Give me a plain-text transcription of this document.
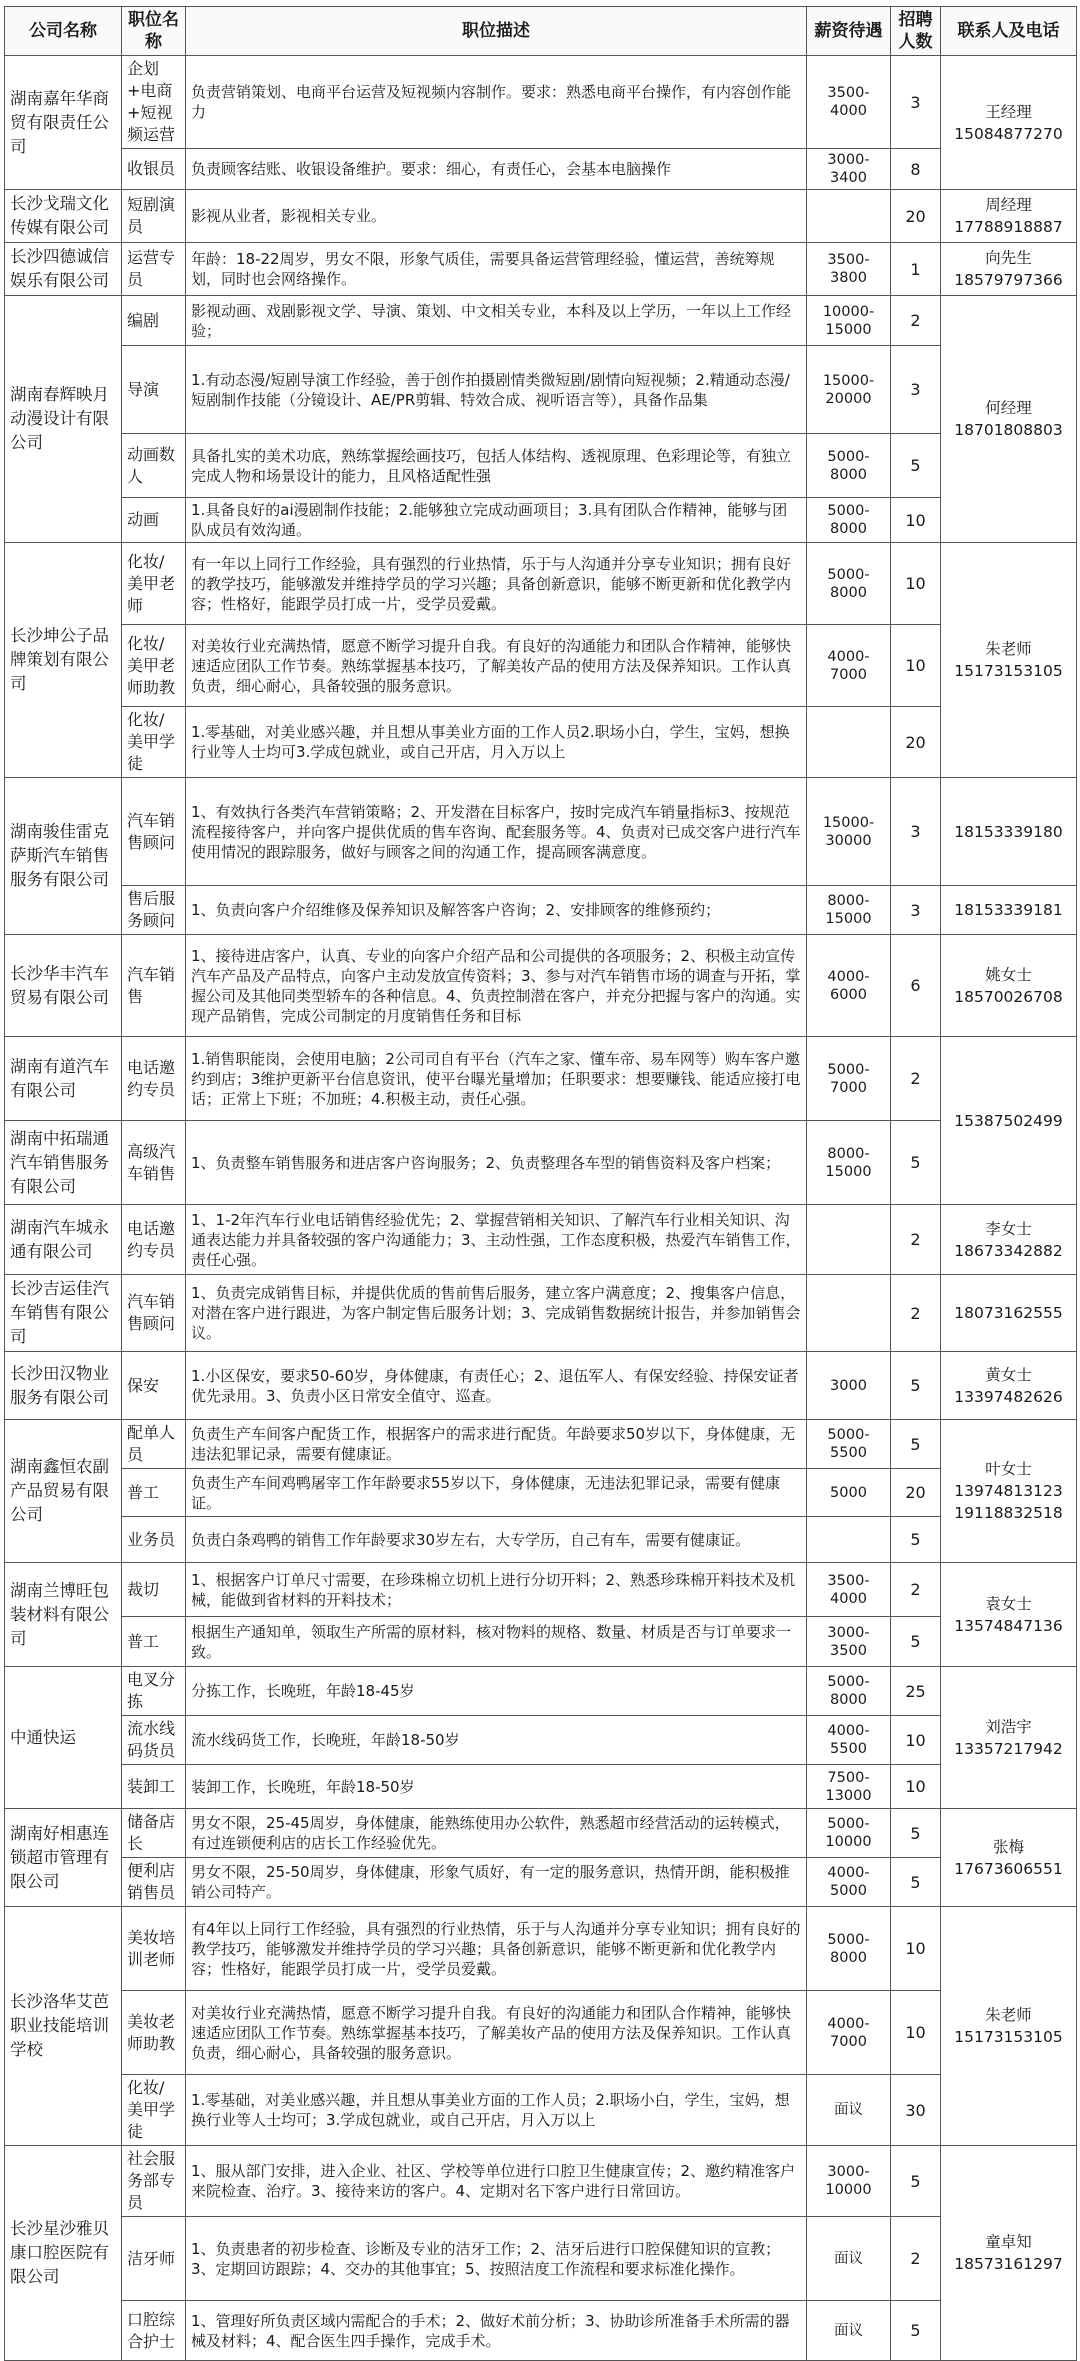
公司名称	职位名称	职位描述	薪资待遇	招聘人数	联系人及电话
湖南嘉年华商贸有限责任公司	企划+电商+短视频运营	负责营销策划、电商平台运营及短视频内容制作。要求：熟悉电商平台操作，有内容创作能力	3500-4000	3	王经理
15084877270

	收银员	负责顾客结账、收银设备维护。要求：细心，有责任心，会基本电脑操作	3000-3400	8	
长沙戈瑞文化传媒有限公司	短剧演员	影视从业者，影视相关专业。		20	周经理
17788918887

长沙四德诚信娱乐有限公司	运营专员	年龄：18-22周岁，男女不限，形象气质佳，需要具备运营管理经验，懂运营，善统筹规划，同时也会网络操作。	3500-3800	1	向先生
18579797366

湖南春辉映月动漫设计有限公司	编剧	影视动画、戏剧影视文学、导演、策划、中文相关专业，本科及以上学历，一年以上工作经验；	10000-15000	2	何经理
18701808803

	导演	1.有动态漫/短剧导演工作经验，善于创作拍摄剧情类微短剧/剧情向短视频；2.精通动态漫/短剧制作技能（分镜设计、AE/PR剪辑、特效合成、视听语言等），具备作品集	15000-20000	3	
	动画数人	具备扎实的美术功底，熟练掌握绘画技巧，包括人体结构、透视原理、色彩理论等，有独立完成人物和场景设计的能力，且风格适配性强	5000-8000	5	
	动画	1.具备良好的ai漫剧制作技能；2.能够独立完成动画项目；3.具有团队合作精神，能够与团队成员有效沟通。	5000-8000	10	
长沙坤公子品牌策划有限公司	化妆/美甲老师	有一年以上同行工作经验，具有强烈的行业热情，乐于与人沟通并分享专业知识；拥有良好的教学技巧，能够激发并维持学员的学习兴趣；具备创新意识，能够不断更新和优化教学内容；性格好，能跟学员打成一片，受学员爱戴。	5000-8000	10	朱老师
15173153105

	化妆/美甲老师助教	对美妆行业充满热情，愿意不断学习提升自我。有良好的沟通能力和团队合作精神，能够快速适应团队工作节奏。熟练掌握基本技巧，了解美妆产品的使用方法及保养知识。工作认真负责，细心耐心，具备较强的服务意识。	4000-7000	10	
	化妆/美甲学徒	1.零基础，对美业感兴趣，并且想从事美业方面的工作人员2.职场小白，学生，宝妈，想换行业等人士均可3.学成包就业，或自己开店，月入万以上		20	
湖南骏佳雷克萨斯汽车销售服务有限公司	汽车销售顾问	1、有效执行各类汽车营销策略；2、开发潜在目标客户，按时完成汽车销量指标3、按规范流程接待客户，并向客户提供优质的售车咨询、配套服务等。4、负责对已成交客户进行汽车使用情况的跟踪服务，做好与顾客之间的沟通工作，提高顾客满意度。	15000-30000	3	18153339180

	售后服务顾问	1、负责向客户介绍维修及保养知识及解答客户咨询；2、安排顾客的维修预约；	8000-15000	3	18153339181

长沙华丰汽车贸易有限公司	汽车销售	1、接待进店客户，认真、专业的向客户介绍产品和公司提供的各项服务；2、积极主动宣传汽车产品及产品特点，向客户主动发放宣传资料；3、参与对汽车销售市场的调查与开拓，掌握公司及其他同类型轿车的各种信息。4、负责控制潜在客户，并充分把握与客户的沟通。实现产品销售，完成公司制定的月度销售任务和目标	4000-6000	6	姚女士
18570026708

湖南有道汽车有限公司	电话邀约专员	1.销售职能岗，会使用电脑；2公司司自有平台（汽车之家、懂车帝、易车网等）购车客户邀约到店；3维护更新平台信息资讯，使平台曝光量增加；任职要求：想要赚钱、能适应接打电话；正常上下班；不加班；4.积极主动，责任心强。	5000-7000	2	15387502499

湖南中拓瑞通汽车销售服务有限公司	高级汽车销售	1、负责整车销售服务和进店客户咨询服务；2、负责整理各车型的销售资料及客户档案；	8000-15000	5	
湖南汽车城永通有限公司	电话邀约专员	1、1-2年汽车行业电话销售经验优先；2、掌握营销相关知识、了解汽车行业相关知识、沟通表达能力并具备较强的客户沟通能力；3、主动性强，工作态度积极，热爱汽车销售工作，责任心强。		2	李女士
18673342882

长沙吉运佳汽车销售有限公司	汽车销售顾问	1、负责完成销售目标，并提供优质的售前售后服务，建立客户满意度；2、搜集客户信息，对潜在客户进行跟进，为客户制定售后服务计划；3、完成销售数据统计报告，并参加销售会议。		2	18073162555

长沙田汉物业服务有限公司	保安	1.小区保安，要求50-60岁，身体健康，有责任心；2、退伍军人、有保安经验、持保安证者优先录用。3、负责小区日常安全值守、巡查。	3000	5	黄女士
13397482626

湖南鑫恒农副产品贸易有限公司	配单人员	负责生产车间客户配货工作，根据客户的需求进行配货。年龄要求50岁以下，身体健康，无违法犯罪记录，需要有健康证。	5000-5500	5	叶女士
13974813123 19118832518

	普工	负责生产车间鸡鸭屠宰工作年龄要求55岁以下，身体健康，无违法犯罪记录，需要有健康证。	5000	20	
	业务员	负责白条鸡鸭的销售工作年龄要求30岁左右，大专学历，自己有车，需要有健康证。		5	
湖南兰博旺包装材料有限公司	裁切	1、根据客户订单尺寸需要，在珍珠棉立切机上进行分切开料；2、熟悉珍珠棉开料技术及机械，能做到省材料的开料技术；	3500-4000	2	袁女士
13574847136

	普工	根据生产通知单，领取生产所需的原材料，核对物料的规格、数量、材质是否与订单要求一致。	3000-3500	5	
中通快运	电叉分拣	分拣工作，长晚班，年龄18-45岁	5000-8000	25	刘浩宇
13357217942

	流水线码货员	流水线码货工作，长晚班，年龄18-50岁	4000-5500	10	
	装卸工	装卸工作，长晚班，年龄18-50岁	7500-13000	10	
湖南好相惠连锁超市管理有限公司	储备店长	男女不限，25-45周岁，身体健康，能熟练使用办公软件，熟悉超市经营活动的运转模式，有过连锁便利店的店长工作经验优先。	5000-10000	5	张梅
17673606551

	便利店销售员	男女不限，25-50周岁，身体健康，形象气质好，有一定的服务意识，热情开朗，能积极推销公司特产。	4000-5000	5	
长沙洛华艾芭职业技能培训学校	美妆培训老师	有4年以上同行工作经验，具有强烈的行业热情，乐于与人沟通并分享专业知识；拥有良好的教学技巧，能够激发并维持学员的学习兴趣；具备创新意识，能够不断更新和优化教学内容；性格好，能跟学员打成一片，受学员爱戴。	5000-8000	10	朱老师
15173153105

	美妆老师助教	对美妆行业充满热情，愿意不断学习提升自我。有良好的沟通能力和团队合作精神，能够快速适应团队工作节奏。熟练掌握基本技巧，了解美妆产品的使用方法及保养知识。工作认真负责，细心耐心，具备较强的服务意识。	4000-7000	10	
	化妆/美甲学徒	1.零基础，对美业感兴趣，并且想从事美业方面的工作人员；2.职场小白，学生，宝妈，想换行业等人士均可；3.学成包就业，或自己开店，月入万以上	面议	30	
长沙星沙雅贝康口腔医院有限公司	社会服务部专员	1、服从部门安排，进入企业、社区、学校等单位进行口腔卫生健康宣传；2、邀约精准客户来院检查、治疗。3、接待来访的客户。4、定期对名下客户进行日常回访。	3000-10000	5	童卓知
18573161297

	洁牙师	1、负责患者的初步检查、诊断及专业的洁牙工作；2、洁牙后进行口腔保健知识的宣教；3、定期回访跟踪；4、交办的其他事宜；5、按照洁度工作流程和要求标准化操作。	面议	2	
	口腔综合护士	1、管理好所负责区域内需配合的手术；2、做好术前分析；3、协助诊所准备手术所需的器械及材料；4、配合医生四手操作，完成手术。	面议	5	
